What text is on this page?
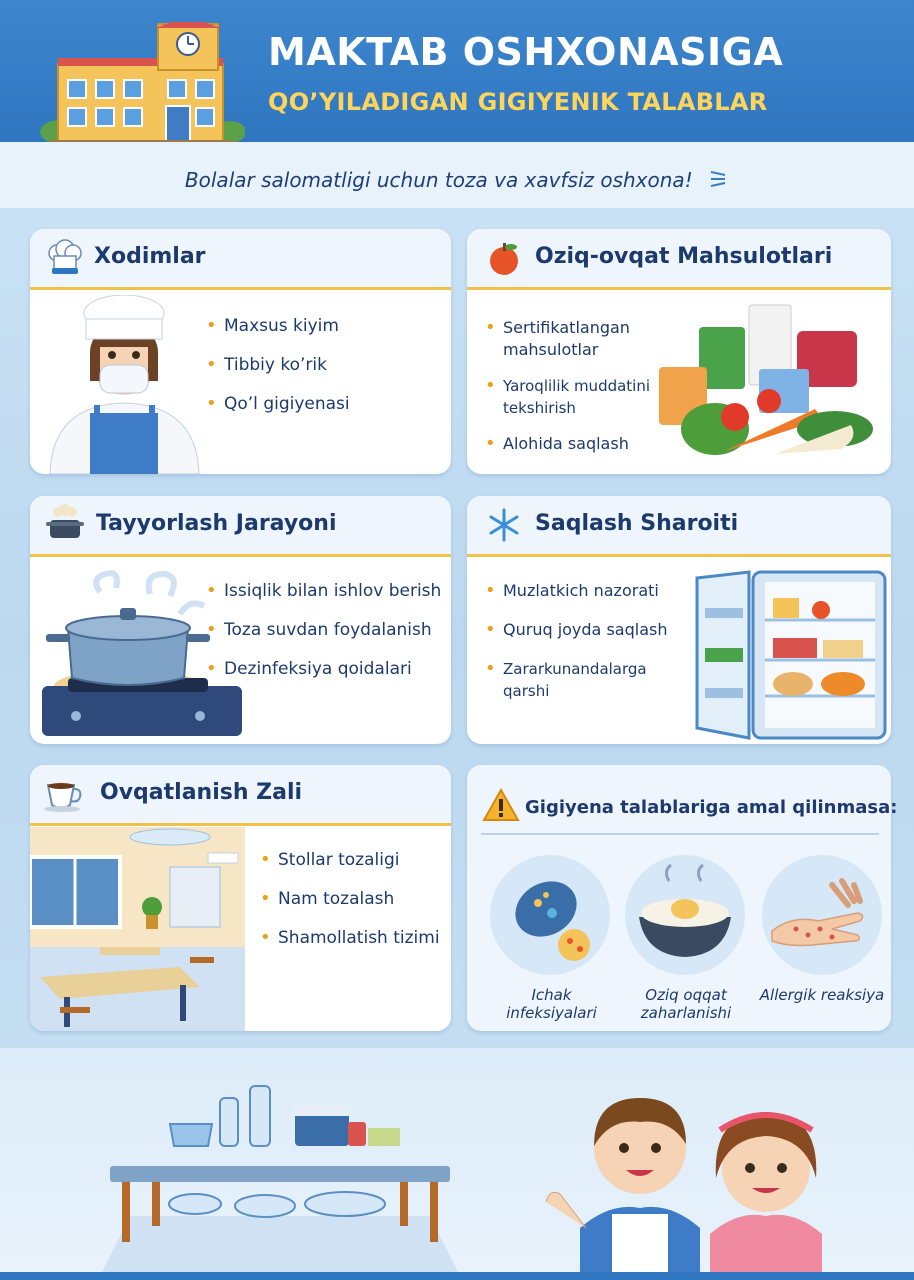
MAKTAB OSHXONASIGA
QO’YILADIGAN GIGIYENIK TALABLAR
Bolalar salomatligi uchun toza va xavfsiz oshxona!
Xodimlar
• Maxsus kiyim
• Tibbiy ko’rik
• Qo’l gigiyenasi
Oziq-ovqat Mahsulotlari
• Sertifikatlangan mahsulotlar
• Yaroqlilik muddatini tekshirish
• Alohida saqlash
Tayyorlash Jarayoni
• Issiqlik bilan ishlov berish
• Toza suvdan foydalanish
• Dezinfeksiya qoidalari
Saqlash Sharoiti
• Muzlatkich nazorati
• Quruq joyda saqlash
• Zararkunandalarga qarshi
Ovqatlanish Zali
• Stollar tozaligi
• Nam tozalash
• Shamollatish tizimi
Gigiyena talablariga amal qilinmasa:
Ichak infeksiyalari
Oziq oqqat zaharlanishi
Allergik reaksiya
